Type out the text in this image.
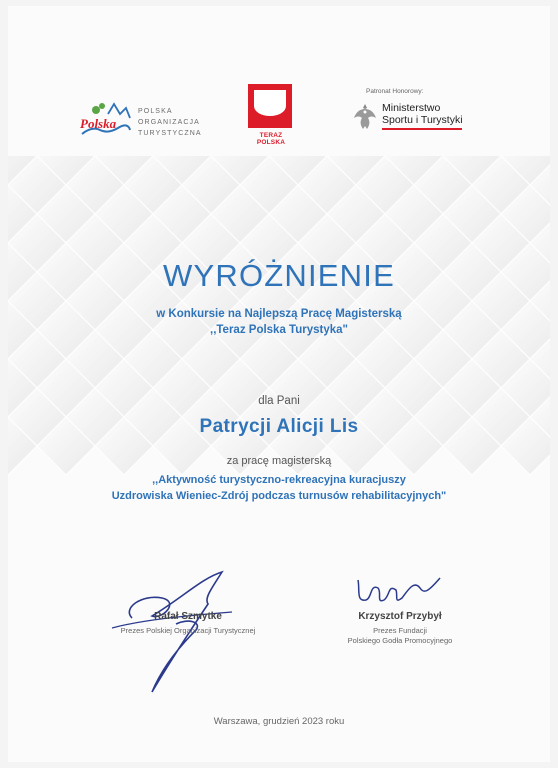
Polska
POLSKA
ORGANIZACJA
TURYSTYCZNA	TERAZ POLSKA
Patronat Honorowy:
Ministerstwo
Sportu i Turystyki
WYRÓŻNIENIE
w Konkursie na Najlepszą Pracę Magisterską
,,Teraz Polska Turystyka"
dla Pani
Patrycji Alicji Lis
za pracę magisterską
,,Aktywność turystyczno-rekreacyjna kuracjuszy
Uzdrowiska Wieniec-Zdrój podczas turnusów rehabilitacyjnych"
Rafał Szmytke
Prezes Polskiej Organizacji Turystycznej
Krzysztof Przybył
Prezes Fundacji
Polskiego Godła Promocyjnego
Warszawa, grudzień 2023 roku
